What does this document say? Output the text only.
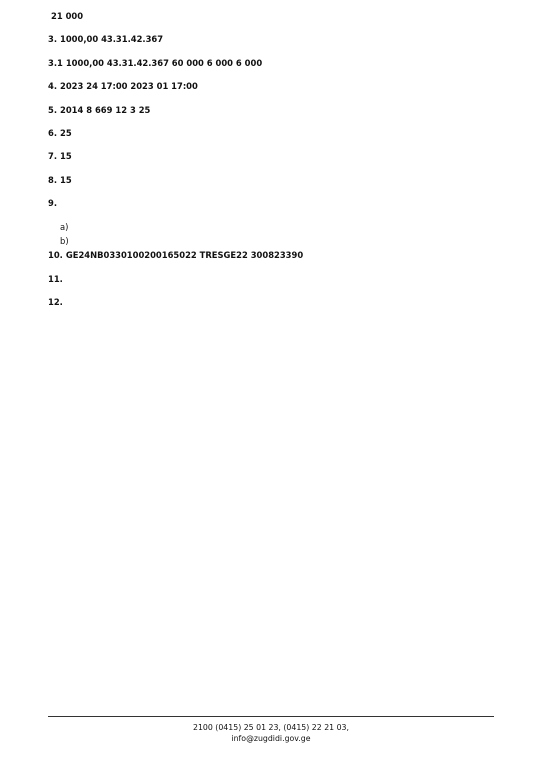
21 000

3. 1000,00 43.31.42.367

3.1 1000,00 43.31.42.367 60 000 6 000 6 000

4. 2023 24 17:00 2023 01 17:00

5. 2014 8 669 12 3 25

6. 25

7. 15

8. 15

9.

a)

b)

10. GE24NB0330100200165022 TRESGE22 300823390

11.

12.

2100 (0415) 25 01 23, (0415) 22 21 03,
info@zugdidi.gov.ge
